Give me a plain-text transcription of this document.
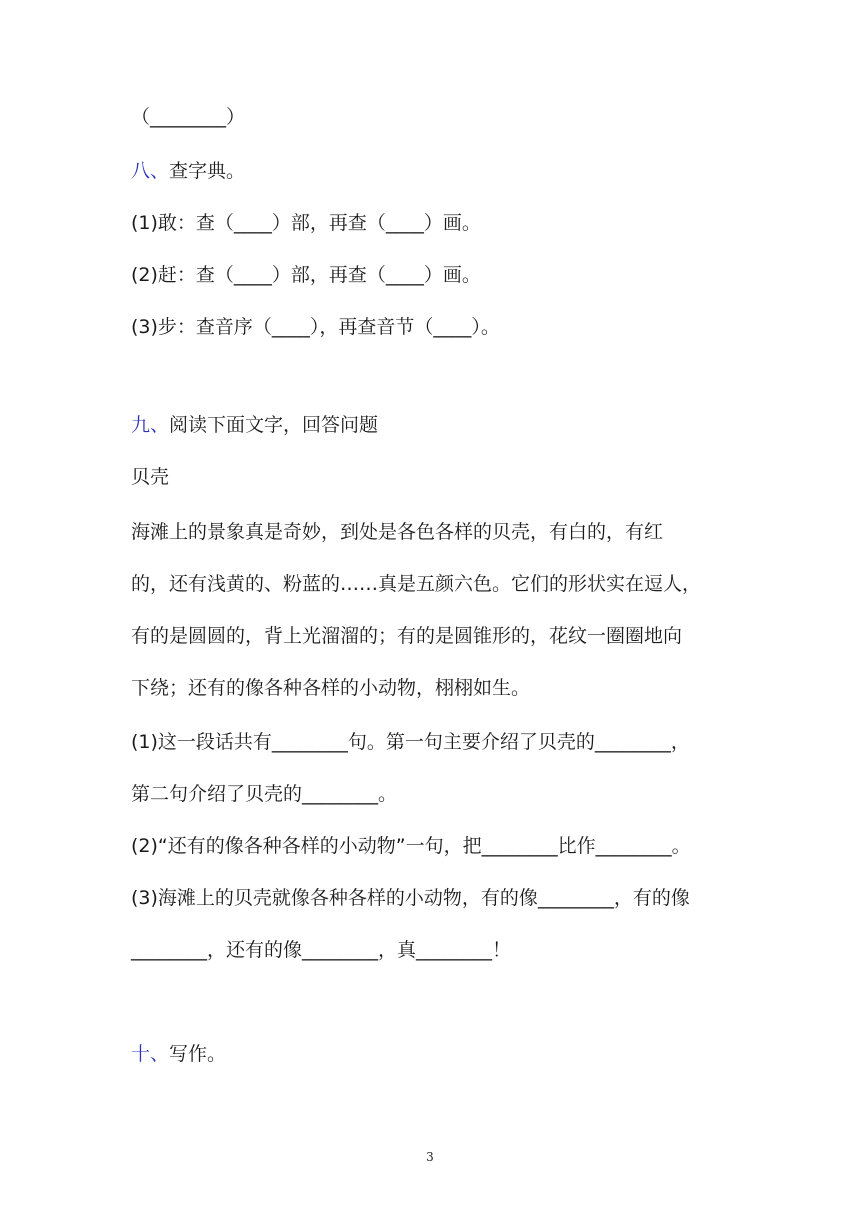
（________）
八、查字典。
(1)敢：查（____）部，再查（____）画。
(2)赶：查（____）部，再查（____）画。
(3)步：查音序（____），再查音节（____）。
九、阅读下面文字，回答问题
贝壳
海滩上的景象真是奇妙，到处是各色各样的贝壳，有白的，有红
的，还有浅黄的、粉蓝的……真是五颜六色。它们的形状实在逗人，
有的是圆圆的，背上光溜溜的；有的是圆锥形的，花纹一圈圈地向
下绕；还有的像各种各样的小动物，栩栩如生。
(1)这一段话共有________句。第一句主要介绍了贝壳的________，
第二句介绍了贝壳的________。
(2)“还有的像各种各样的小动物”一句，把________比作________。
(3)海滩上的贝壳就像各种各样的小动物，有的像________，有的像
________，还有的像________，真________！
十、写作。
3
